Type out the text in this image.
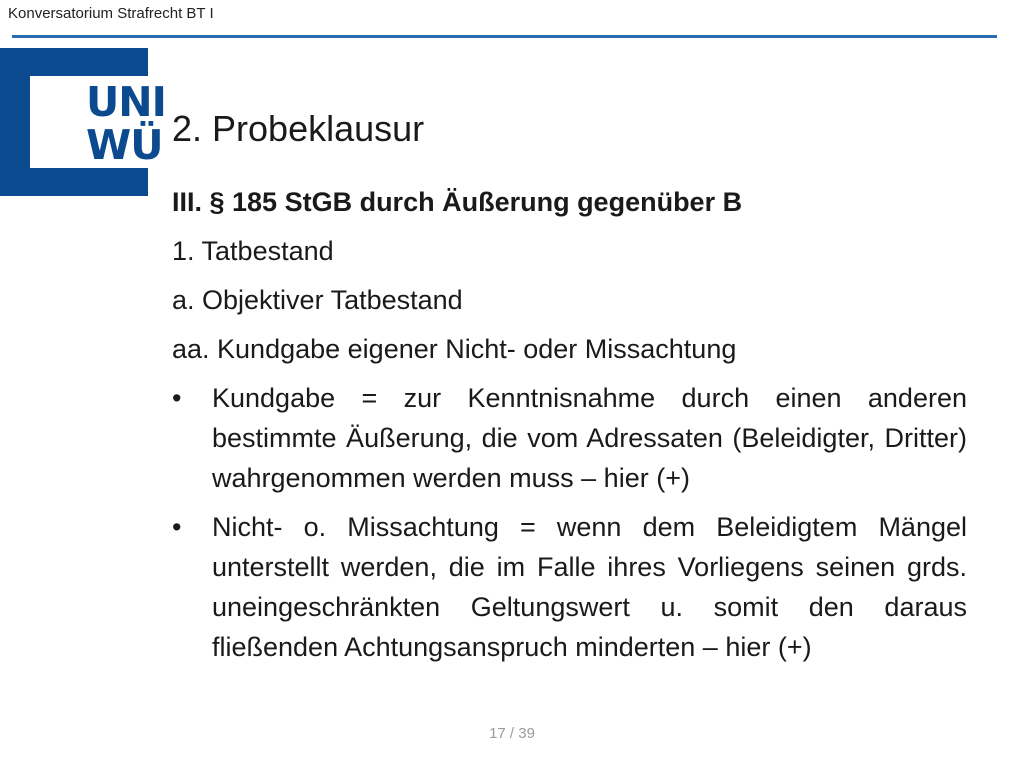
Konversatorium Strafrecht BT I
UNI
WÜ 2. Probeklausur

III. § 185 StGB durch Äußerung gegenüber B

1. Tatbestand

a. Objektiver Tatbestand

aa. Kundgabe eigener Nicht- oder Missachtung

•	Kundgabe = zur Kenntnisnahme durch einen anderen bestimmte Äußerung, die vom Adressaten (Beleidigter, Dritter) wahrgenommen werden muss – hier (+)
•	Nicht- o. Missachtung = wenn dem Beleidigtem Mängel unterstellt werden, die im Falle ihres Vorliegens seinen grds. uneingeschränkten Geltungswert u. somit den daraus fließenden Achtungsanspruch minderten – hier (+)
17 / 39
